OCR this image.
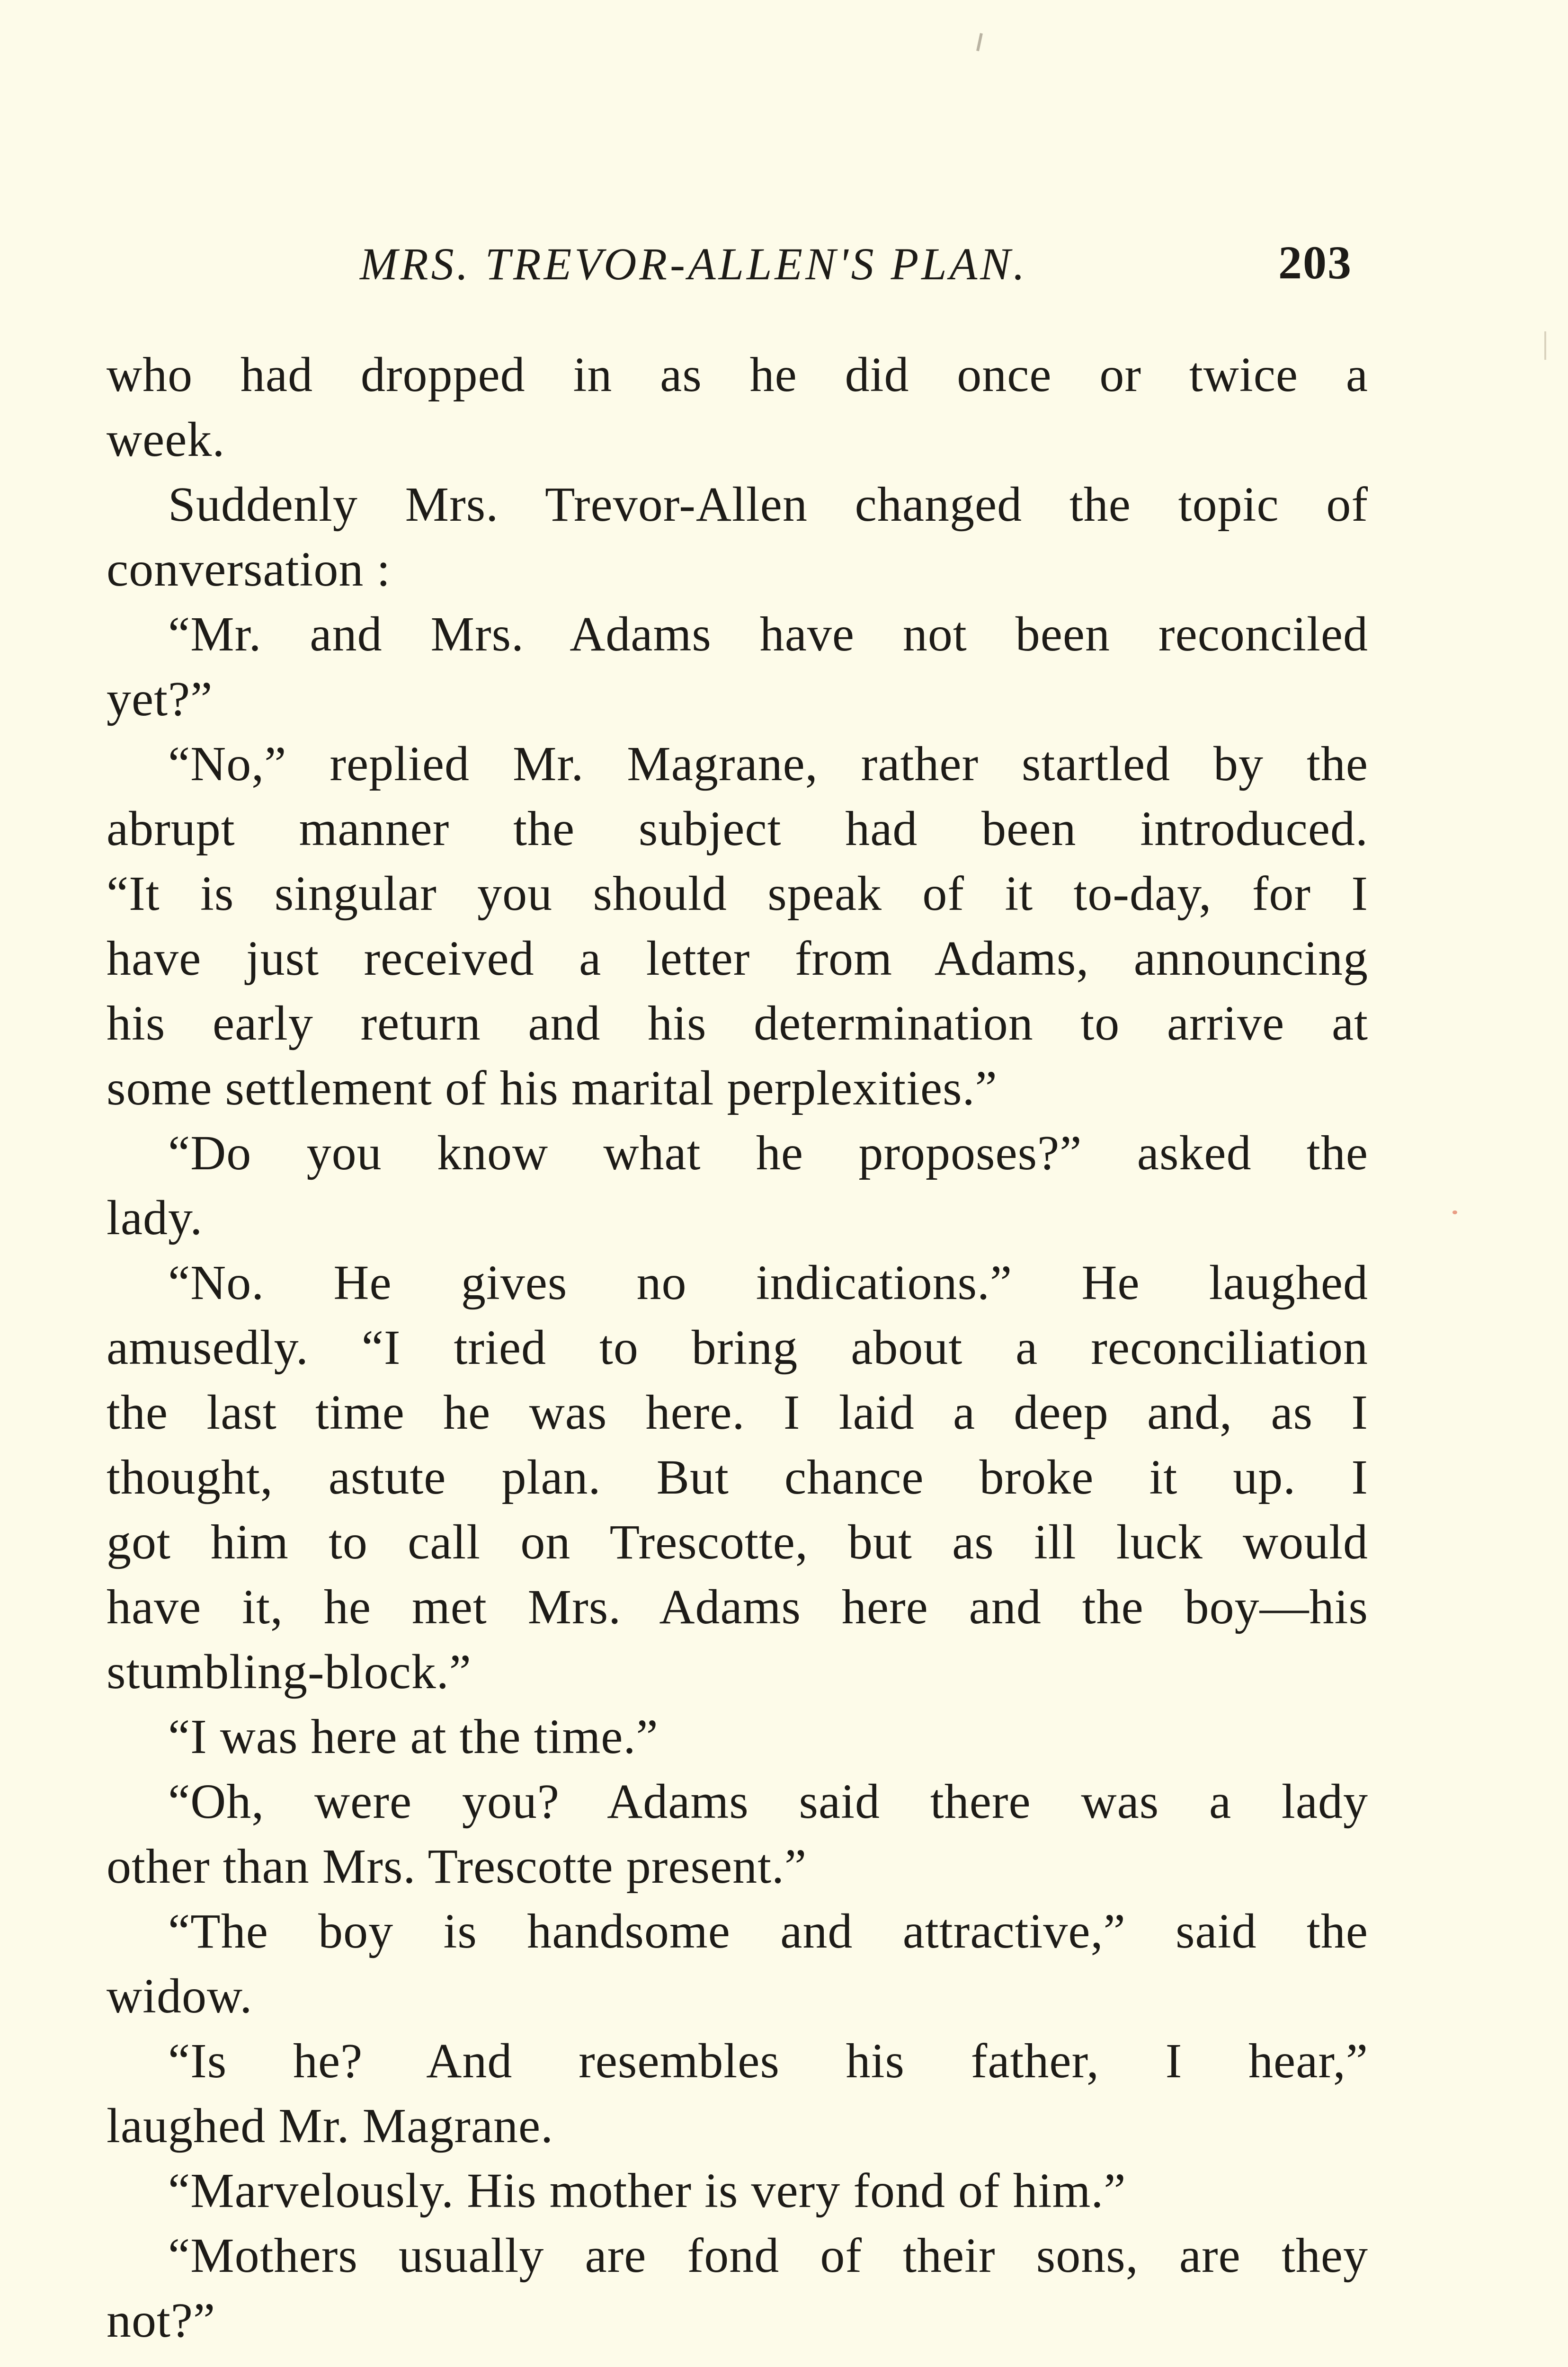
MRS. TREVOR-ALLEN'S PLAN.	203
who had dropped in as he did once or twice a
week.
Suddenly Mrs. Trevor-Allen changed the topic of
conversation :
“Mr. and Mrs. Adams have not been reconciled
yet?”
“No,” replied Mr. Magrane, rather startled by the
abrupt manner the subject had been introduced.
“It is singular you should speak of it to-day, for I
have just received a letter from Adams, announcing
his early return and his determination to arrive at
some settlement of his marital perplexities.”
“Do you know what he proposes?” asked the
lady.
“No. He gives no indications.” He laughed
amusedly. “I tried to bring about a reconciliation
the last time he was here. I laid a deep and, as I
thought, astute plan. But chance broke it up. I
got him to call on Trescotte, but as ill luck would
have it, he met Mrs. Adams here and the boy—his
stumbling-block.”
“I was here at the time.”
“Oh, were you? Adams said there was a lady
other than Mrs. Trescotte present.”
“The boy is handsome and attractive,” said the
widow.
“Is he? And resembles his father, I hear,”
laughed Mr. Magrane.
“Marvelously. His mother is very fond of him.”
“Mothers usually are fond of their sons, are they
not?”
